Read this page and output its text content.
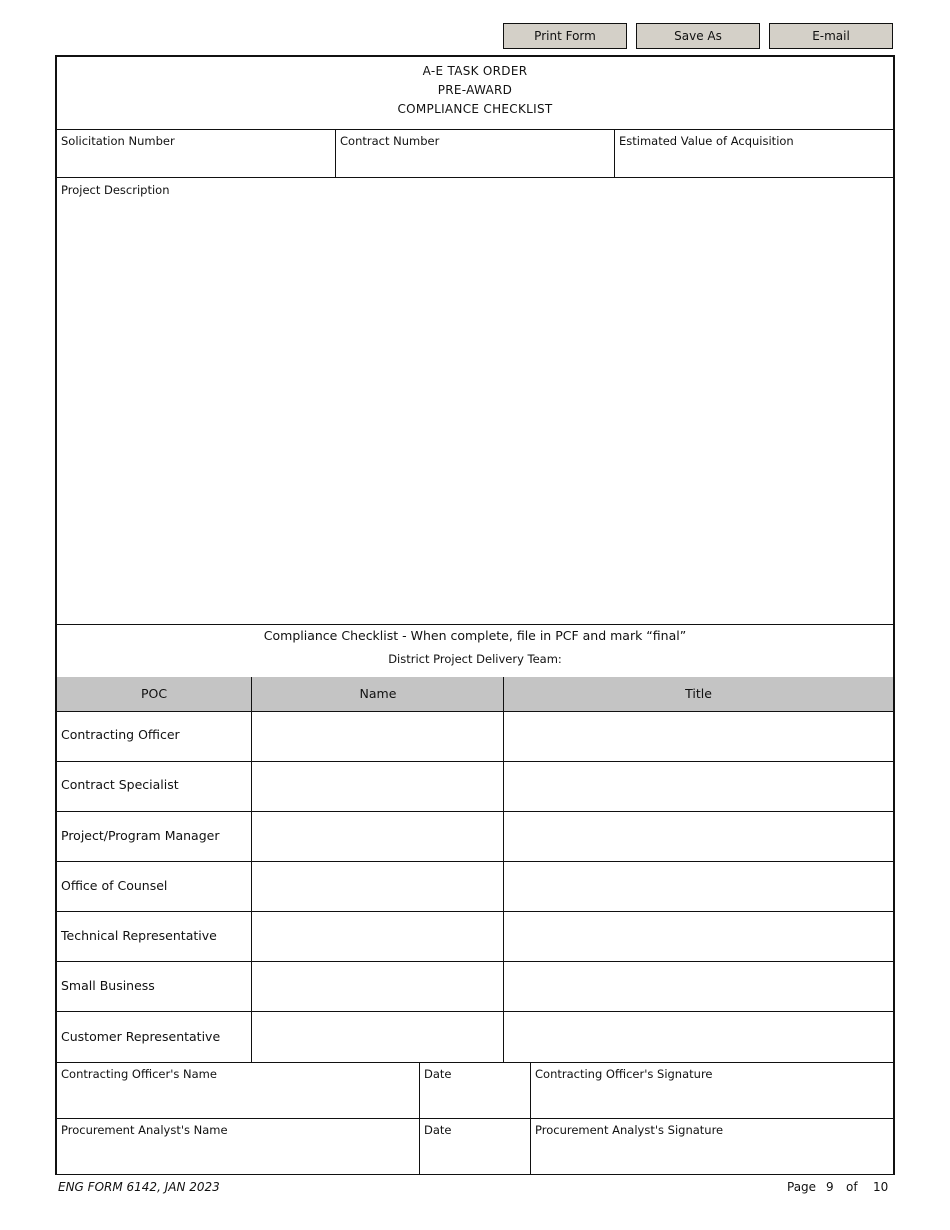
Print Form	Save As	E-mail
A-E TASK ORDER
PRE-AWARD
COMPLIANCE CHECKLIST
Solicitation Number	Contract Number	Estimated Value of Acquisition
Project Description
Compliance Checklist - When complete, file in PCF and mark “final”
District Project Delivery Team:
POC	Name	Title
Contracting Officer
Contract Specialist
Project/Program Manager
Office of Counsel
Technical Representative
Small Business
Customer Representative
Contracting Officer's Name	Date	Contracting Officer's Signature
Procurement Analyst's Name	Date	Procurement Analyst's Signature
ENG FORM 6142, JAN 2023	Page 9 of 10
